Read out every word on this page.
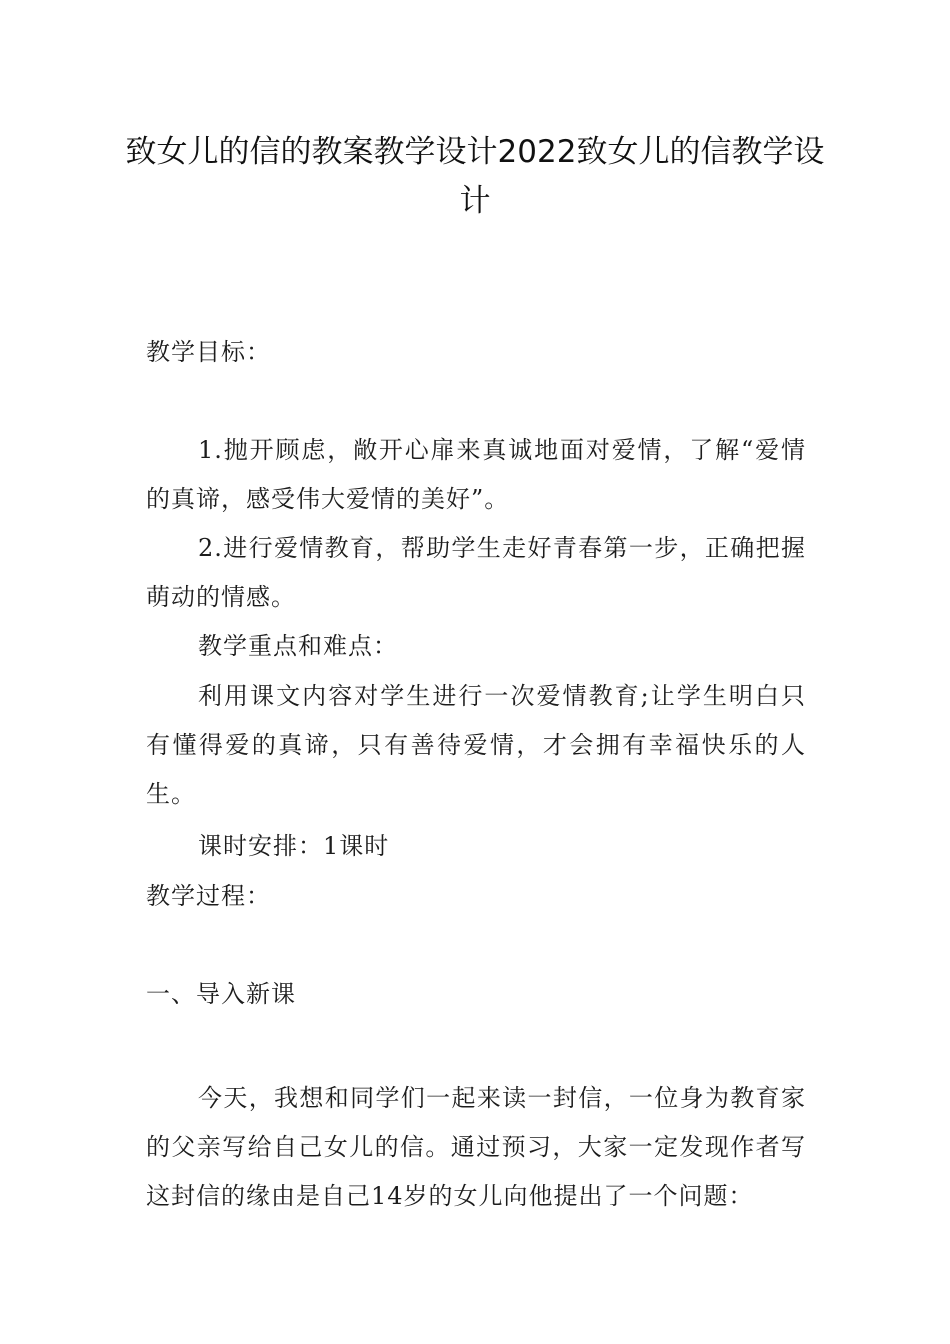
致女儿的信的教案教学设计2022致女儿的信教学设计

教学目标：

1.抛开顾虑，敞开心扉来真诚地面对爱情，了解“爱情的真谛，感受伟大爱情的美好”。

2.进行爱情教育，帮助学生走好青春第一步，正确把握萌动的情感。

教学重点和难点：

利用课文内容对学生进行一次爱情教育;让学生明白只有懂得爱的真谛，只有善待爱情，才会拥有幸福快乐的人生。

课时安排：1课时

教学过程：

一、导入新课

今天，我想和同学们一起来读一封信，一位身为教育家的父亲写给自己女儿的信。通过预习，大家一定发现作者写这封信的缘由是自己14岁的女儿向他提出了一个问题：
